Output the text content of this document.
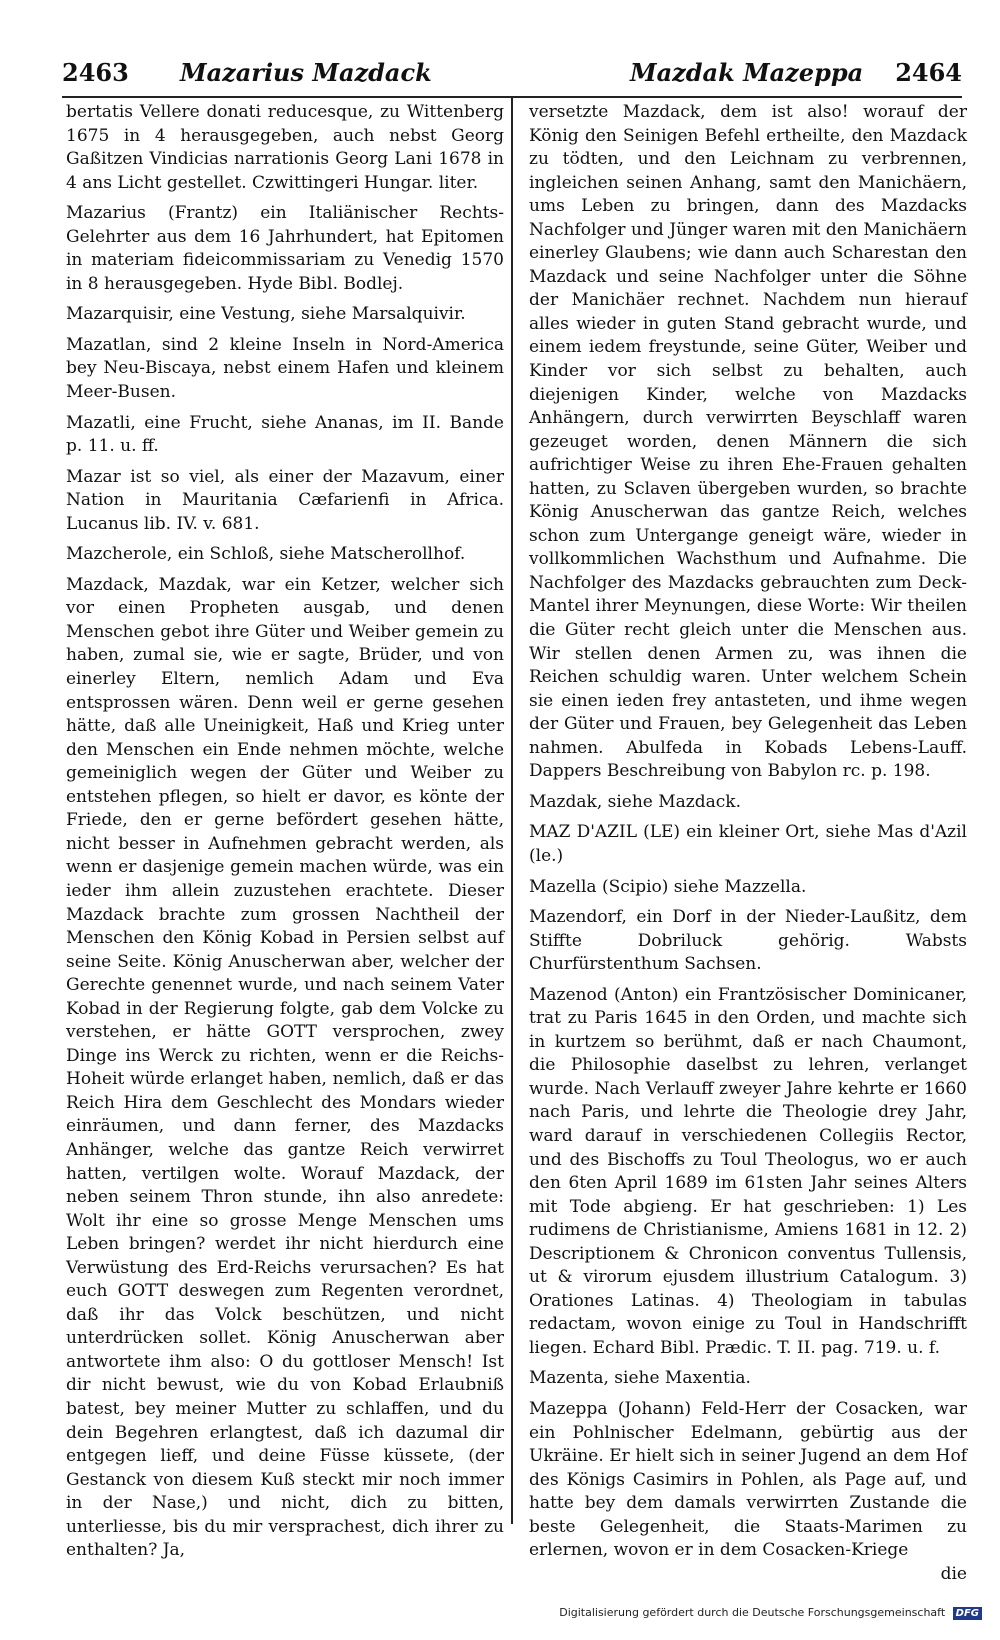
2463 Mazarius Mazdack	Mazdak Mazeppa 2464

bertatis Vellere donati reducesque, zu Wittenberg 1675 in 4 herausgegeben, auch nebst Georg Gaßitzen Vindicias narrationis Georg Lani 1678 in 4 ans Licht gestellet. Czwittingeri Hungar. liter.

Mazarius (Frantz) ein Italiänischer Rechts-Gelehrter aus dem 16 Jahrhundert, hat Epitomen in materiam fideicommissariam zu Venedig 1570 in 8 herausgegeben. Hyde Bibl. Bodlej.

Mazarquisir, eine Vestung, siehe Marsalquivir.

Mazatlan, sind 2 kleine Inseln in Nord-America bey Neu-Biscaya, nebst einem Hafen und kleinem Meer-Busen.

Mazatli, eine Frucht, siehe Ananas, im II. Bande p. 11. u. ff.

Mazar ist so viel, als einer der Mazavum, einer Nation in Mauritania Cæfarienfi in Africa. Lucanus lib. IV. v. 681.

Mazcherole, ein Schloß, siehe Matscherollhof.

Mazdack, Mazdak, war ein Ketzer, welcher sich vor einen Propheten ausgab, und denen Menschen gebot ihre Güter und Weiber gemein zu haben, zumal sie, wie er sagte, Brüder, und von einerley Eltern, nemlich Adam und Eva entsprossen wären. Denn weil er gerne gesehen hätte, daß alle Uneinigkeit, Haß und Krieg unter den Menschen ein Ende nehmen möchte, welche gemeiniglich wegen der Güter und Weiber zu entstehen pflegen, so hielt er davor, es könte der Friede, den er gerne befördert gesehen hätte, nicht besser in Aufnehmen gebracht werden, als wenn er dasjenige gemein machen würde, was ein ieder ihm allein zuzustehen erachtete. Dieser Mazdack brachte zum grossen Nachtheil der Menschen den König Kobad in Persien selbst auf seine Seite. König Anuscherwan aber, welcher der Gerechte genennet wurde, und nach seinem Vater Kobad in der Regierung folgte, gab dem Volcke zu verstehen, er hätte GOTT versprochen, zwey Dinge ins Werck zu richten, wenn er die Reichs-Hoheit würde erlanget haben, nemlich, daß er das Reich Hira dem Geschlecht des Mondars wieder einräumen, und dann ferner, des Mazdacks Anhänger, welche das gantze Reich verwirret hatten, vertilgen wolte. Worauf Mazdack, der neben seinem Thron stunde, ihn also anredete: Wolt ihr eine so grosse Menge Menschen ums Leben bringen? werdet ihr nicht hierdurch eine Verwüstung des Erd-Reichs verursachen? Es hat euch GOTT deswegen zum Regenten verordnet, daß ihr das Volck beschützen, und nicht unterdrücken sollet. König Anuscherwan aber antwortete ihm also: O du gottloser Mensch! Ist dir nicht bewust, wie du von Kobad Erlaubniß batest, bey meiner Mutter zu schlaffen, und du dein Begehren erlangtest, daß ich dazumal dir entgegen lieff, und deine Füsse küssete, (der Gestanck von diesem Kuß steckt mir noch immer in der Nase,) und nicht, dich zu bitten, unterliesse, bis du mir versprachest, dich ihrer zu enthalten? Ja,

versetzte Mazdack, dem ist also! worauf der König den Seinigen Befehl ertheilte, den Mazdack zu tödten, und den Leichnam zu verbrennen, ingleichen seinen Anhang, samt den Manichäern, ums Leben zu bringen, dann des Mazdacks Nachfolger und Jünger waren mit den Manichäern einerley Glaubens; wie dann auch Scharestan den Mazdack und seine Nachfolger unter die Söhne der Manichäer rechnet. Nachdem nun hierauf alles wieder in guten Stand gebracht wurde, und einem iedem freystunde, seine Güter, Weiber und Kinder vor sich selbst zu behalten, auch diejenigen Kinder, welche von Mazdacks Anhängern, durch verwirrten Beyschlaff waren gezeuget worden, denen Männern die sich aufrichtiger Weise zu ihren Ehe-Frauen gehalten hatten, zu Sclaven übergeben wurden, so brachte König Anuscherwan das gantze Reich, welches schon zum Untergange geneigt wäre, wieder in vollkommlichen Wachsthum und Aufnahme. Die Nachfolger des Mazdacks gebrauchten zum Deck-Mantel ihrer Meynungen, diese Worte: Wir theilen die Güter recht gleich unter die Menschen aus. Wir stellen denen Armen zu, was ihnen die Reichen schuldig waren. Unter welchem Schein sie einen ieden frey antasteten, und ihme wegen der Güter und Frauen, bey Gelegenheit das Leben nahmen. Abulfeda in Kobads Lebens-Lauff. Dappers Beschreibung von Babylon rc. p. 198.

Mazdak, siehe Mazdack.

MAZ D'AZIL (LE) ein kleiner Ort, siehe Mas d'Azil (le.)

Mazella (Scipio) siehe Mazzella.

Mazendorf, ein Dorf in der Nieder-Laußitz, dem Stiffte Dobriluck gehörig. Wabsts Churfürstenthum Sachsen.

Mazenod (Anton) ein Frantzösischer Dominicaner, trat zu Paris 1645 in den Orden, und machte sich in kurtzem so berühmt, daß er nach Chaumont, die Philosophie daselbst zu lehren, verlanget wurde. Nach Verlauff zweyer Jahre kehrte er 1660 nach Paris, und lehrte die Theologie drey Jahr, ward darauf in verschiedenen Collegiis Rector, und des Bischoffs zu Toul Theologus, wo er auch den 6ten April 1689 im 61sten Jahr seines Alters mit Tode abgieng. Er hat geschrieben: 1) Les rudimens de Christianisme, Amiens 1681 in 12. 2) Descriptionem & Chronicon conventus Tullensis, ut & virorum ejusdem illustrium Catalogum. 3) Orationes Latinas. 4) Theologiam in tabulas redactam, wovon einige zu Toul in Handschrifft liegen. Echard Bibl. Prædic. T. II. pag. 719. u. f.

Mazenta, siehe Maxentia.

Mazeppa (Johann) Feld-Herr der Cosacken, war ein Pohlnischer Edelmann, gebürtig aus der Ukräine. Er hielt sich in seiner Jugend an dem Hof des Königs Casimirs in Pohlen, als Page auf, und hatte bey dem damals verwirrten Zustande die beste Gelegenheit, die Staats-Marimen zu erlernen, wovon er in dem Cosacken-Kriege

die

Digitalisierung gefördert durch die Deutsche Forschungsgemeinschaft DFG
